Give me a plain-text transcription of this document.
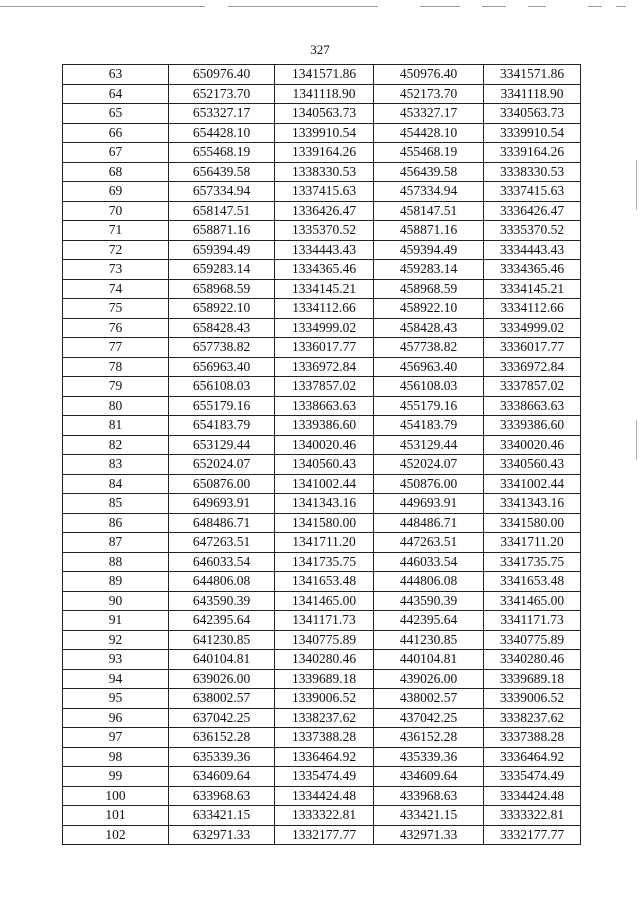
327
63	650976.40	1341571.86	450976.40	3341571.86
64	652173.70	1341118.90	452173.70	3341118.90
65	653327.17	1340563.73	453327.17	3340563.73
66	654428.10	1339910.54	454428.10	3339910.54
67	655468.19	1339164.26	455468.19	3339164.26
68	656439.58	1338330.53	456439.58	3338330.53
69	657334.94	1337415.63	457334.94	3337415.63
70	658147.51	1336426.47	458147.51	3336426.47
71	658871.16	1335370.52	458871.16	3335370.52
72	659394.49	1334443.43	459394.49	3334443.43
73	659283.14	1334365.46	459283.14	3334365.46
74	658968.59	1334145.21	458968.59	3334145.21
75	658922.10	1334112.66	458922.10	3334112.66
76	658428.43	1334999.02	458428.43	3334999.02
77	657738.82	1336017.77	457738.82	3336017.77
78	656963.40	1336972.84	456963.40	3336972.84
79	656108.03	1337857.02	456108.03	3337857.02
80	655179.16	1338663.63	455179.16	3338663.63
81	654183.79	1339386.60	454183.79	3339386.60
82	653129.44	1340020.46	453129.44	3340020.46
83	652024.07	1340560.43	452024.07	3340560.43
84	650876.00	1341002.44	450876.00	3341002.44
85	649693.91	1341343.16	449693.91	3341343.16
86	648486.71	1341580.00	448486.71	3341580.00
87	647263.51	1341711.20	447263.51	3341711.20
88	646033.54	1341735.75	446033.54	3341735.75
89	644806.08	1341653.48	444806.08	3341653.48
90	643590.39	1341465.00	443590.39	3341465.00
91	642395.64	1341171.73	442395.64	3341171.73
92	641230.85	1340775.89	441230.85	3340775.89
93	640104.81	1340280.46	440104.81	3340280.46
94	639026.00	1339689.18	439026.00	3339689.18
95	638002.57	1339006.52	438002.57	3339006.52
96	637042.25	1338237.62	437042.25	3338237.62
97	636152.28	1337388.28	436152.28	3337388.28
98	635339.36	1336464.92	435339.36	3336464.92
99	634609.64	1335474.49	434609.64	3335474.49
100	633968.63	1334424.48	433968.63	3334424.48
101	633421.15	1333322.81	433421.15	3333322.81
102	632971.33	1332177.77	432971.33	3332177.77
